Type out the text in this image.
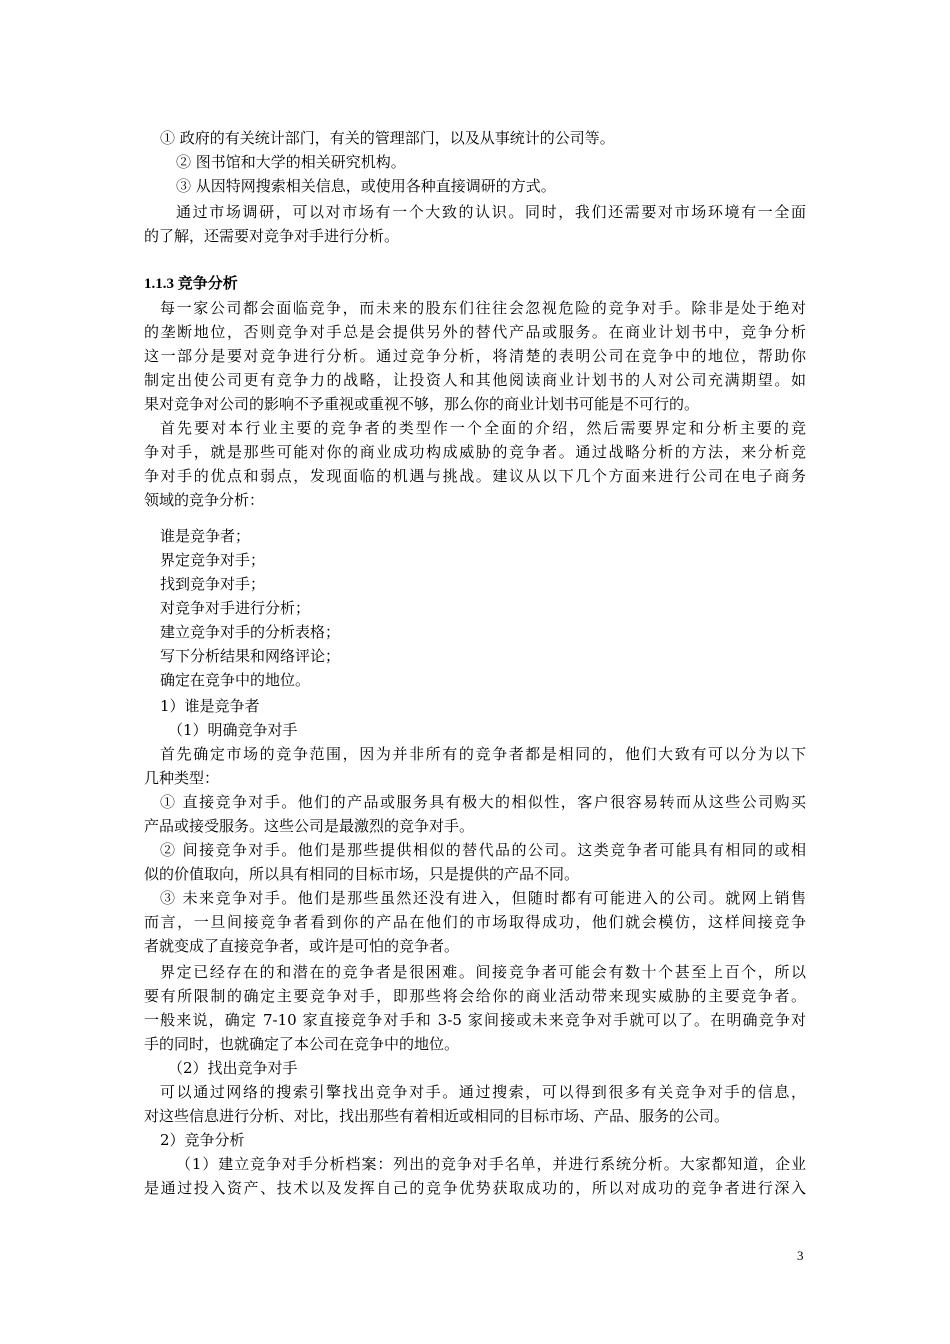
① 政府的有关统计部门，有关的管理部门，以及从事统计的公司等。
② 图书馆和大学的相关研究机构。
③ 从因特网搜索相关信息，或使用各种直接调研的方式。
通过市场调研，可以对市场有一个大致的认识。同时，我们还需要对市场环境有一全面
的了解，还需要对竞争对手进行分析。
1.1.3 竞争分析
每一家公司都会面临竞争，而未来的股东们往往会忽视危险的竞争对手。除非是处于绝对
的垄断地位，否则竞争对手总是会提供另外的替代产品或服务。在商业计划书中，竞争分析
这一部分是要对竞争进行分析。通过竞争分析，将清楚的表明公司在竞争中的地位，帮助你
制定出使公司更有竞争力的战略，让投资人和其他阅读商业计划书的人对公司充满期望。如
果对竞争对公司的影响不予重视或重视不够，那么你的商业计划书可能是不可行的。
首先要对本行业主要的竞争者的类型作一个全面的介绍，然后需要界定和分析主要的竞
争对手，就是那些可能对你的商业成功构成威胁的竞争者。通过战略分析的方法，来分析竞
争对手的优点和弱点，发现面临的机遇与挑战。建议从以下几个方面来进行公司在电子商务
领域的竞争分析：
谁是竞争者；
界定竞争对手；
找到竞争对手；
对竞争对手进行分析；
建立竞争对手的分析表格；
写下分析结果和网络评论；
确定在竞争中的地位。
1）谁是竞争者
（1）明确竞争对手
首先确定市场的竞争范围，因为并非所有的竞争者都是相同的，他们大致有可以分为以下
几种类型：
① 直接竞争对手。他们的产品或服务具有极大的相似性，客户很容易转而从这些公司购买
产品或接受服务。这些公司是最激烈的竞争对手。
② 间接竞争对手。他们是那些提供相似的替代品的公司。这类竞争者可能具有相同的或相
似的价值取向，所以具有相同的目标市场，只是提供的产品不同。
③ 未来竞争对手。他们是那些虽然还没有进入，但随时都有可能进入的公司。就网上销售
而言，一旦间接竞争者看到你的产品在他们的市场取得成功，他们就会模仿，这样间接竞争
者就变成了直接竞争者，或许是可怕的竞争者。
界定已经存在的和潜在的竞争者是很困难。间接竞争者可能会有数十个甚至上百个，所以
要有所限制的确定主要竞争对手，即那些将会给你的商业活动带来现实威胁的主要竞争者。
一般来说，确定 7-10 家直接竞争对手和 3-5 家间接或未来竞争对手就可以了。在明确竞争对
手的同时，也就确定了本公司在竞争中的地位。
（2）找出竞争对手
可以通过网络的搜索引擎找出竞争对手。通过搜索，可以得到很多有关竞争对手的信息，
对这些信息进行分析、对比，找出那些有着相近或相同的目标市场、产品、服务的公司。
2）竞争分析
（1）建立竞争对手分析档案：列出的竞争对手名单，并进行系统分析。大家都知道，企业
是通过投入资产、技术以及发挥自己的竞争优势获取成功的，所以对成功的竞争者进行深入
3
